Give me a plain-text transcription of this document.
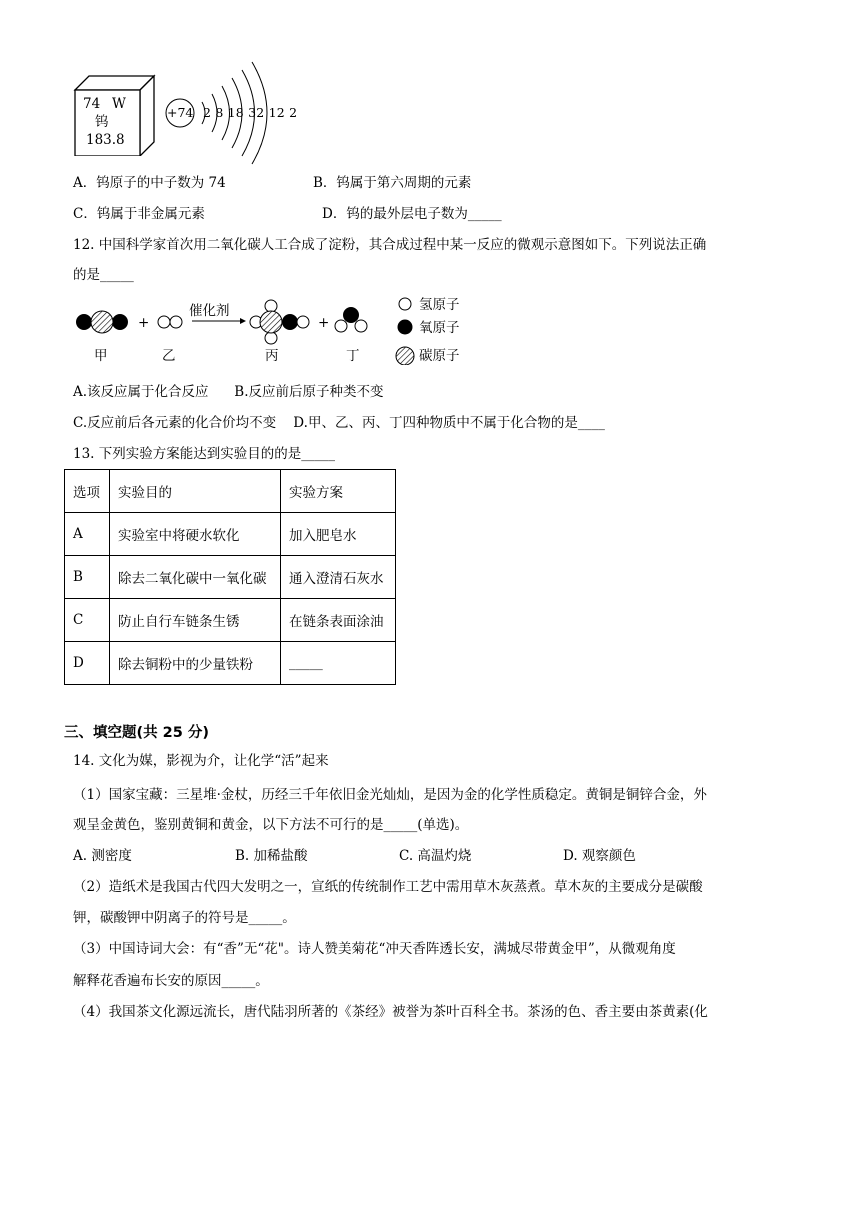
74 W
钨
183.8
+74 2 8 18 32 12 2
A．钨原子的中子数为 74	B．钨属于第六周期的元素
C．钨属于非金属元素	D．钨的最外层电子数为_____
12. 中国科学家首次用二氧化碳人工合成了淀粉，其合成过程中某一反应的微观示意图如下。下列说法正确
的是_____
催化剂
+	+
甲	乙	丙	丁
氢原子
氧原子
碳原子
A.该反应属于化合反应      B.反应前后原子种类不变
C.反应前后各元素的化合价均不变    D.甲、乙、丙、丁四种物质中不属于化合物的是____
13. 下列实验方案能达到实验目的的是_____
选项	实验目的	实验方案
A	实验室中将硬水软化	加入肥皂水
B	除去二氧化碳中一氧化碳	通入澄清石灰水
C	防止自行车链条生锈	在链条表面涂油
D	除去铜粉中的少量铁粉	_____
三、填空题(共 25 分)
14. 文化为媒，影视为介，让化学“活”起来
（1）国家宝藏：三星堆·金杖，历经三千年依旧金光灿灿，是因为金的化学性质稳定。黄铜是铜锌合金，外
观呈金黄色，鉴别黄铜和黄金，以下方法不可行的是_____(单选)。
A. 测密度	B. 加稀盐酸	C. 高温灼烧	D. 观察颜色
（2）造纸术是我国古代四大发明之一，宣纸的传统制作工艺中需用草木灰蒸煮。草木灰的主要成分是碳酸
钾，碳酸钾中阴离子的符号是_____。
（3）中国诗词大会：有“香”无“花"。诗人赞美菊花“冲天香阵透长安，满城尽带黄金甲”，从微观角度
解释花香遍布长安的原因_____。
（4）我国茶文化源远流长，唐代陆羽所著的《茶经》被誉为茶叶百科全书。茶汤的色、香主要由茶黄素(化
